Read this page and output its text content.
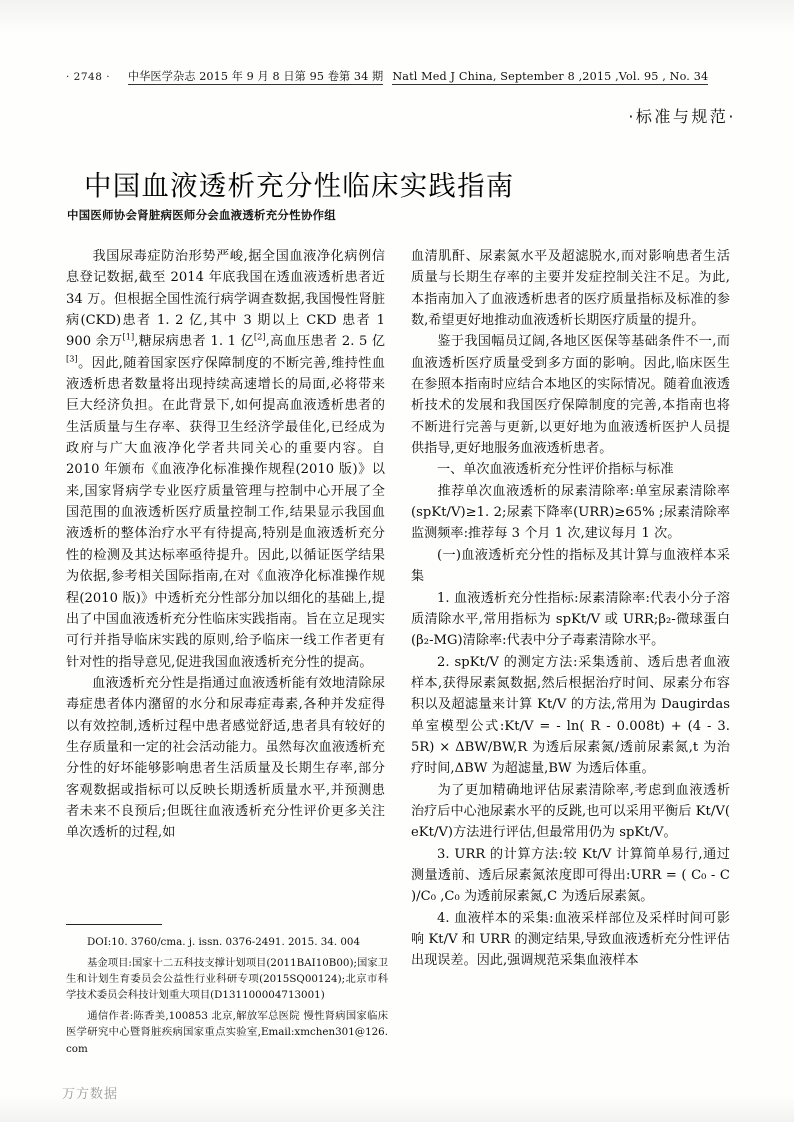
· 2748 ·	中华医学杂志 2015 年 9 月 8 日第 95 卷第 34 期 Natl Med J China, September 8 ,2015 ,Vol. 95 , No. 34
·标准与规范·
中国血液透析充分性临床实践指南
中国医师协会肾脏病医师分会血液透析充分性协作组

我国尿毒症防治形势严峻,据全国血液净化病例信息登记数据,截至 2014 年底我国在透血液透析患者近 34 万。但根据全国性流行病学调查数据,我国慢性肾脏病(CKD)患者 1. 2 亿,其中 3 期以上 CKD 患者 1 900 余万[1],糖尿病患者 1. 1 亿[2],高血压患者 2. 5 亿[3]。因此,随着国家医疗保障制度的不断完善,维持性血液透析患者数量将出现持续高速增长的局面,必将带来巨大经济负担。在此背景下,如何提高血液透析患者的生活质量与生存率、获得卫生经济学最佳化,已经成为政府与广大血液净化学者共同关心的重要内容。自 2010 年颁布《血液净化标准操作规程(2010 版)》以来,国家肾病学专业医疗质量管理与控制中心开展了全国范围的血液透析医疗质量控制工作,结果显示我国血液透析的整体治疗水平有待提高,特别是血液透析充分性的检测及其达标率亟待提升。因此,以循证医学结果为依据,参考相关国际指南,在对《血液净化标准操作规程(2010 版)》中透析充分性部分加以细化的基础上,提出了中国血液透析充分性临床实践指南。旨在立足现实可行并指导临床实践的原则,给予临床一线工作者更有针对性的指导意见,促进我国血液透析充分性的提高。

血液透析充分性是指通过血液透析能有效地清除尿毒症患者体内潴留的水分和尿毒症毒素,各种并发症得以有效控制,透析过程中患者感觉舒适,患者具有较好的生存质量和一定的社会活动能力。虽然每次血液透析充分性的好坏能够影响患者生活质量及长期生存率,部分客观数据或指标可以反映长期透析质量水平,并预测患者未来不良预后;但既往血液透析充分性评价更多关注单次透析的过程,如

血清肌酐、尿素氮水平及超滤脱水,而对影响患者生活质量与长期生存率的主要并发症控制关注不足。为此,本指南加入了血液透析患者的医疗质量指标及标准的参数,希望更好地推动血液透析长期医疗质量的提升。

鉴于我国幅员辽阔,各地区医保等基础条件不一,而血液透析医疗质量受到多方面的影响。因此,临床医生在参照本指南时应结合本地区的实际情况。随着血液透析技术的发展和我国医疗保障制度的完善,本指南也将不断进行完善与更新,以更好地为血液透析医护人员提供指导,更好地服务血液透析患者。

一、单次血液透析充分性评价指标与标准

推荐单次血液透析的尿素清除率:单室尿素清除率(spKt/V)≥1. 2;尿素下降率(URR)≥65% ;尿素清除率监测频率:推荐每 3 个月 1 次,建议每月 1 次。

(一)血液透析充分性的指标及其计算与血液样本采集

1. 血液透析充分性指标:尿素清除率:代表小分子溶质清除水平,常用指标为 spKt/V 或 URR;β₂-微球蛋白(β₂-MG)清除率:代表中分子毒素清除水平。

2. spKt/V 的测定方法:采集透前、透后患者血液样本,获得尿素氮数据,然后根据治疗时间、尿素分布容积以及超滤量来计算 Kt/V 的方法,常用为 Daugirdas 单室模型公式:Kt/V = - ln( R - 0.008t) + (4 - 3. 5R) × ΔBW/BW,R 为透后尿素氮/透前尿素氮,t 为治疗时间,ΔBW 为超滤量,BW 为透后体重。

为了更加精确地评估尿素清除率,考虑到血液透析治疗后中心池尿素水平的反跳,也可以采用平衡后 Kt/V( eKt/V)方法进行评估,但最常用仍为 spKt/V。

3. URR 的计算方法:较 Kt/V 计算简单易行,通过测量透前、透后尿素氮浓度即可得出:URR = ( C₀ - C )/C₀ ,C₀ 为透前尿素氮,C 为透后尿素氮。

4. 血液样本的采集:血液采样部位及采样时间可影响 Kt/V 和 URR 的测定结果,导致血液透析充分性评估出现误差。因此,强调规范采集血液样本

DOI:10. 3760/cma. j. issn. 0376-2491. 2015. 34. 004

基金项目:国家十二五科技支撑计划项目(2011BAI10B00);国家卫生和计划生育委员会公益性行业科研专项(2015SQ00124);北京市科学技术委员会科技计划重大项目(D131100004713001)

通信作者:陈香美,100853 北京,解放军总医院 慢性肾病国家临床医学研究中心暨肾脏疾病国家重点实验室,Email:xmchen301@126. com

万方数据
